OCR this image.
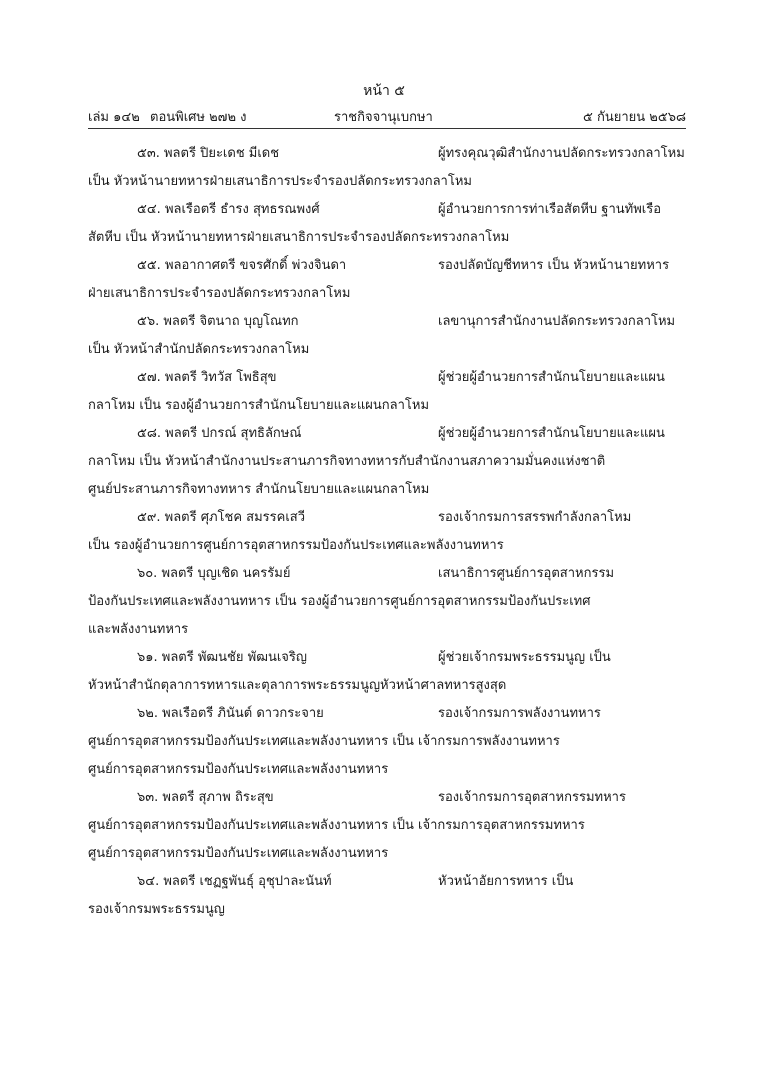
หน้า ๕
เล่ม ๑๔๒ ตอนพิเศษ ๒๗๒ ง	ราชกิจจานุเบกษา	๕ กันยายน ๒๕๖๘
๕๓. พลตรี ปิยะเดช มีเดช	ผู้ทรงคุณวุฒิสำนักงานปลัดกระทรวงกลาโหม
เป็น หัวหน้านายทหารฝ่ายเสนาธิการประจำรองปลัดกระทรวงกลาโหม
๕๔. พลเรือตรี ธำรง สุทธรณพงศ์	ผู้อำนวยการการท่าเรือสัตหีบ ฐานทัพเรือ
สัตหีบ เป็น หัวหน้านายทหารฝ่ายเสนาธิการประจำรองปลัดกระทรวงกลาโหม
๕๕. พลอากาศตรี ขจรศักดิ์ พ่วงจินดา	รองปลัดบัญชีทหาร เป็น หัวหน้านายทหาร
ฝ่ายเสนาธิการประจำรองปลัดกระทรวงกลาโหม
๕๖. พลตรี จิตนาถ บุญโณทก	เลขานุการสำนักงานปลัดกระทรวงกลาโหม
เป็น หัวหน้าสำนักปลัดกระทรวงกลาโหม
๕๗. พลตรี วิทวัส โพธิสุข	ผู้ช่วยผู้อำนวยการสำนักนโยบายและแผน
กลาโหม เป็น รองผู้อำนวยการสำนักนโยบายและแผนกลาโหม
๕๘. พลตรี ปกรณ์ สุทธิลักษณ์	ผู้ช่วยผู้อำนวยการสำนักนโยบายและแผน
กลาโหม เป็น หัวหน้าสำนักงานประสานภารกิจทางทหารกับสำนักงานสภาความมั่นคงแห่งชาติ
ศูนย์ประสานภารกิจทางทหาร สำนักนโยบายและแผนกลาโหม
๕๙. พลตรี ศุภโชค สมรรคเสวี	รองเจ้ากรมการสรรพกำลังกลาโหม
เป็น รองผู้อำนวยการศูนย์การอุตสาหกรรมป้องกันประเทศและพลังงานทหาร
๖๐. พลตรี บุญเชิด นครรัมย์	เสนาธิการศูนย์การอุตสาหกรรม
ป้องกันประเทศและพลังงานทหาร เป็น รองผู้อำนวยการศูนย์การอุตสาหกรรมป้องกันประเทศ
และพลังงานทหาร
๖๑. พลตรี พัฒนชัย พัฒนเจริญ	ผู้ช่วยเจ้ากรมพระธรรมนูญ เป็น
หัวหน้าสำนักตุลาการทหารและตุลาการพระธรรมนูญหัวหน้าศาลทหารสูงสุด
๖๒. พลเรือตรี ภินันต์ ดาวกระจาย	รองเจ้ากรมการพลังงานทหาร
ศูนย์การอุตสาหกรรมป้องกันประเทศและพลังงานทหาร เป็น เจ้ากรมการพลังงานทหาร
ศูนย์การอุตสาหกรรมป้องกันประเทศและพลังงานทหาร
๖๓. พลตรี สุภาพ ถิระสุข	รองเจ้ากรมการอุตสาหกรรมทหาร
ศูนย์การอุตสาหกรรมป้องกันประเทศและพลังงานทหาร เป็น เจ้ากรมการอุตสาหกรรมทหาร
ศูนย์การอุตสาหกรรมป้องกันประเทศและพลังงานทหาร
๖๔. พลตรี เชฏฐพันธุ์ อุชุปาละนันท์	หัวหน้าอัยการทหาร เป็น
รองเจ้ากรมพระธรรมนูญ
